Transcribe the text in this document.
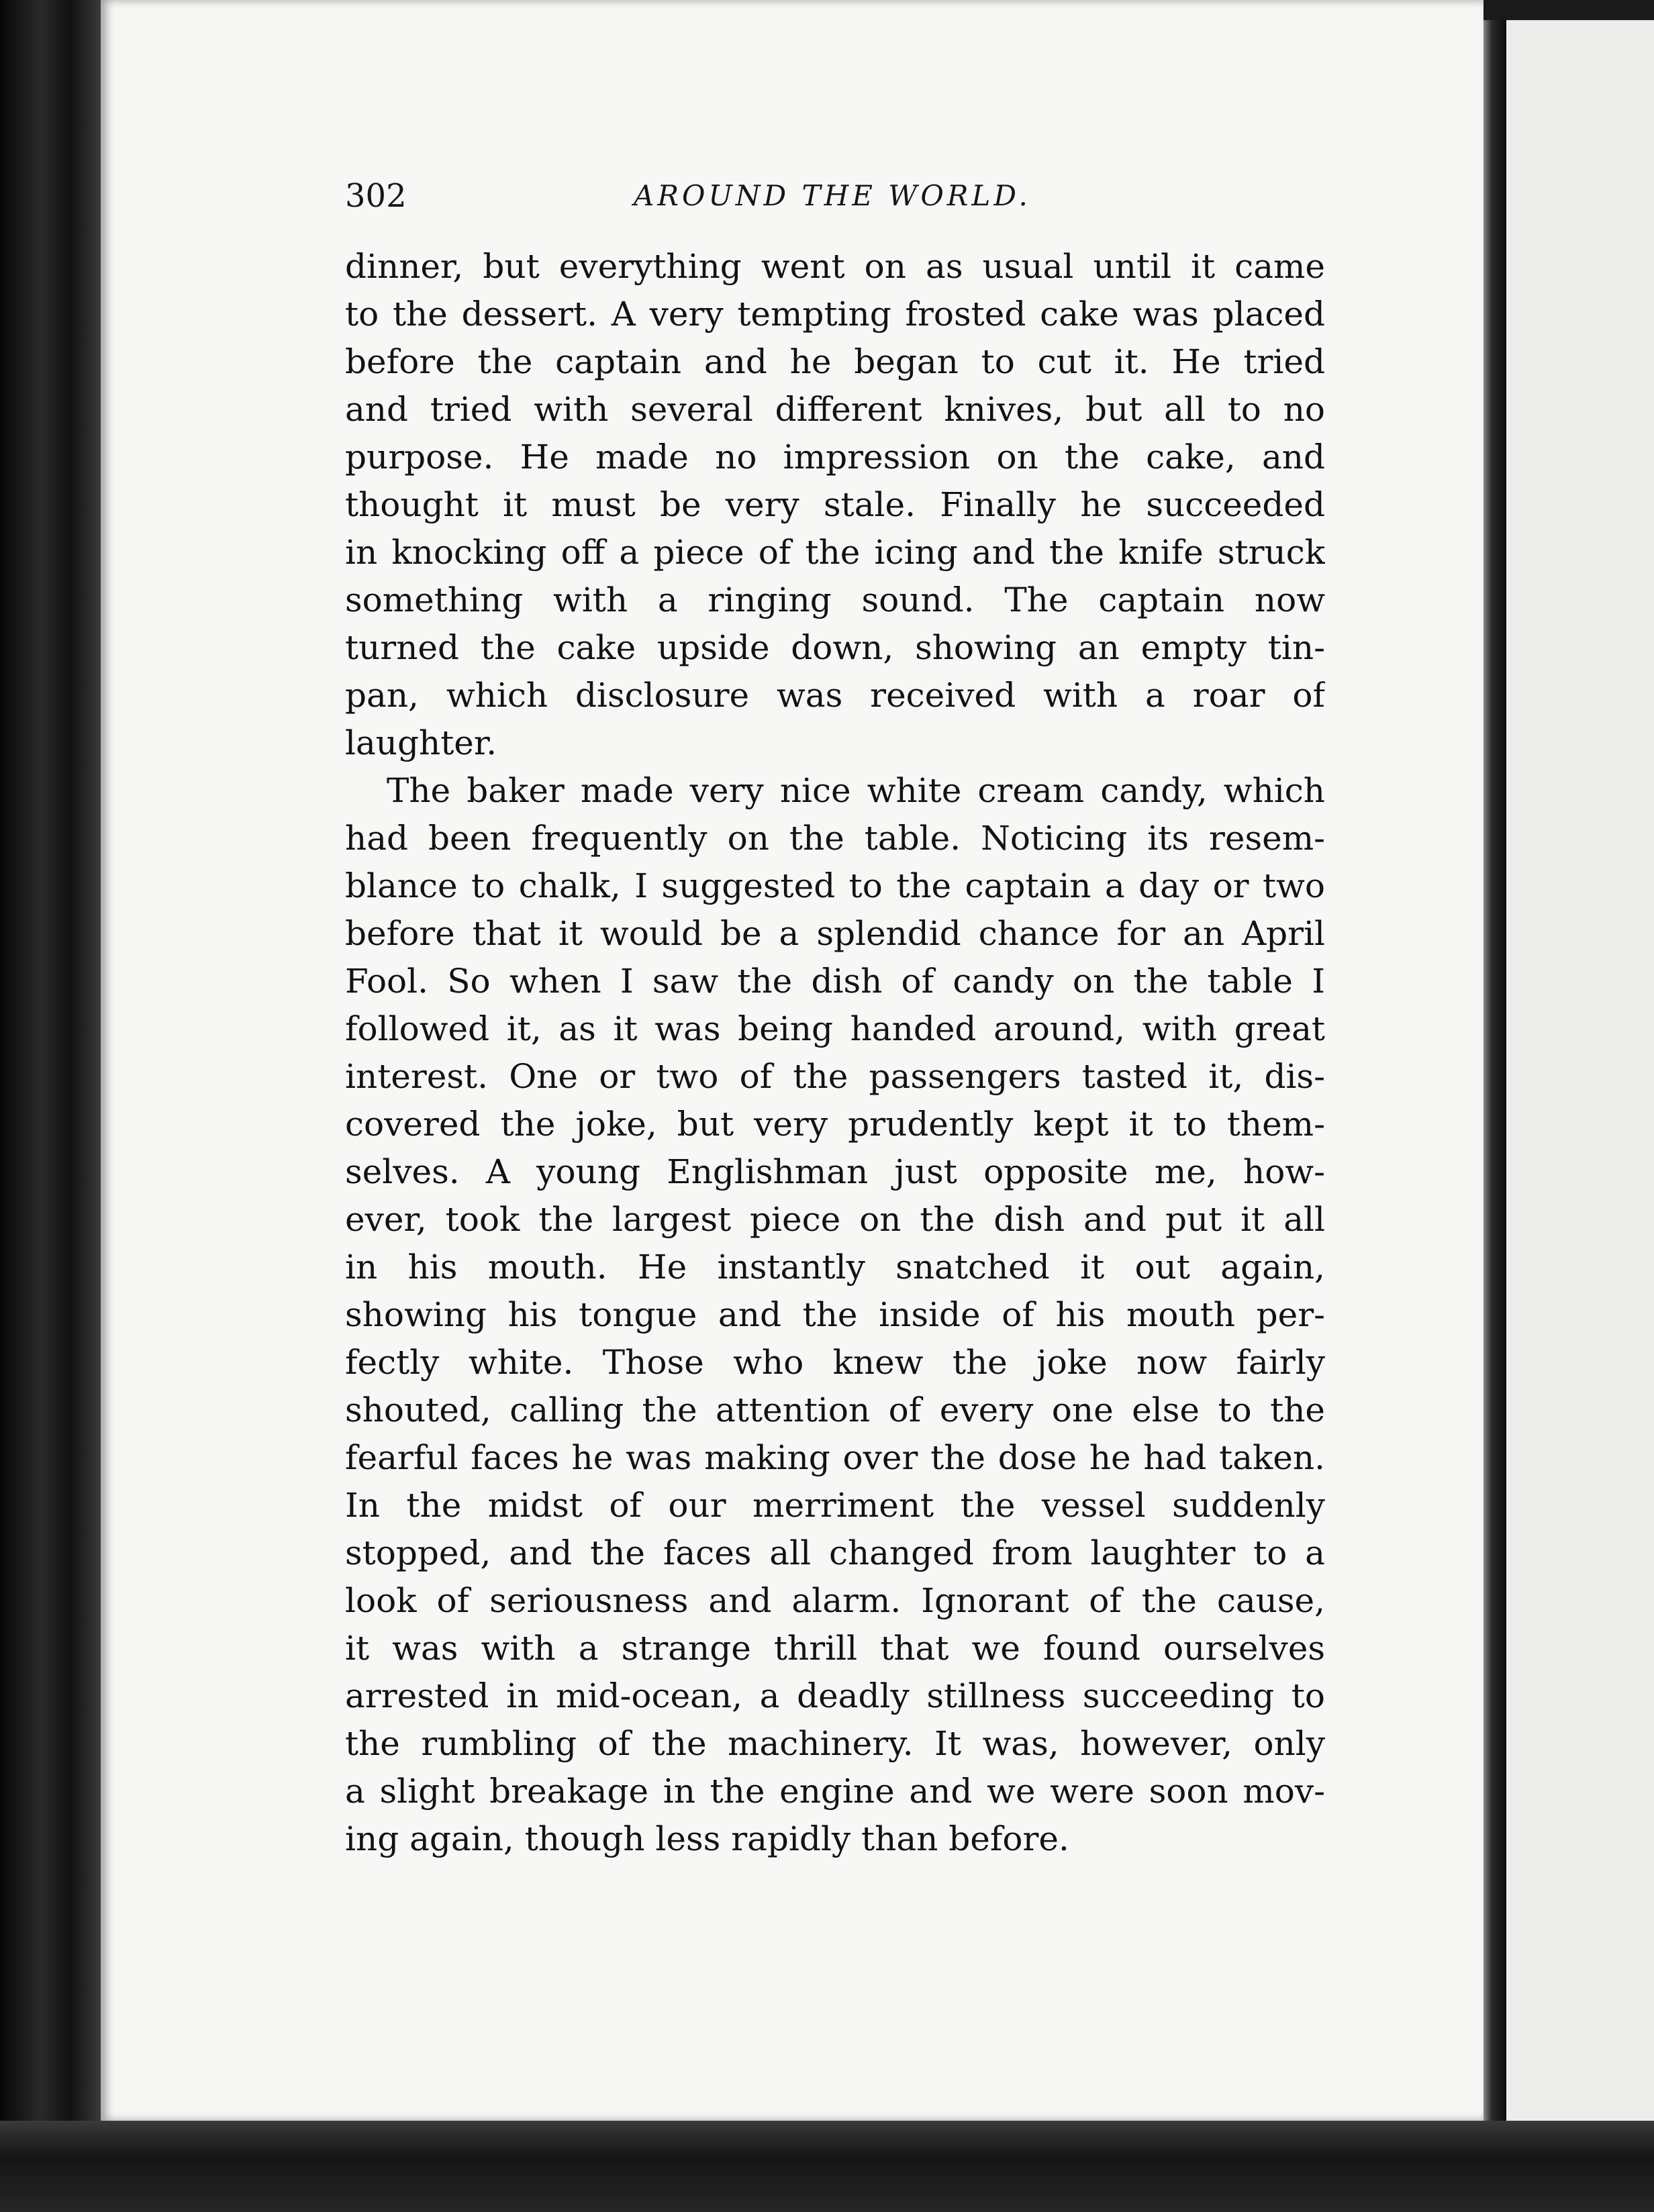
302	AROUND THE WORLD.
dinner, but everything went on as usual until it came
to the dessert. A very tempting frosted cake was placed
before the captain and he began to cut it. He tried
and tried with several different knives, but all to no
purpose. He made no impression on the cake, and
thought it must be very stale. Finally he succeeded
in knocking off a piece of the icing and the knife struck
something with a ringing sound. The captain now
turned the cake upside down, showing an empty tin-
pan, which disclosure was received with a roar of
laughter.
The baker made very nice white cream candy, which
had been frequently on the table. Noticing its resem-
blance to chalk, I suggested to the captain a day or two
before that it would be a splendid chance for an April
Fool. So when I saw the dish of candy on the table I
followed it, as it was being handed around, with great
interest. One or two of the passengers tasted it, dis-
covered the joke, but very prudently kept it to them-
selves. A young Englishman just opposite me, how-
ever, took the largest piece on the dish and put it all
in his mouth. He instantly snatched it out again,
showing his tongue and the inside of his mouth per-
fectly white. Those who knew the joke now fairly
shouted, calling the attention of every one else to the
fearful faces he was making over the dose he had taken.
In the midst of our merriment the vessel suddenly
stopped, and the faces all changed from laughter to a
look of seriousness and alarm. Ignorant of the cause,
it was with a strange thrill that we found ourselves
arrested in mid-ocean, a deadly stillness succeeding to
the rumbling of the machinery. It was, however, only
a slight breakage in the engine and we were soon mov-
ing again, though less rapidly than before.
